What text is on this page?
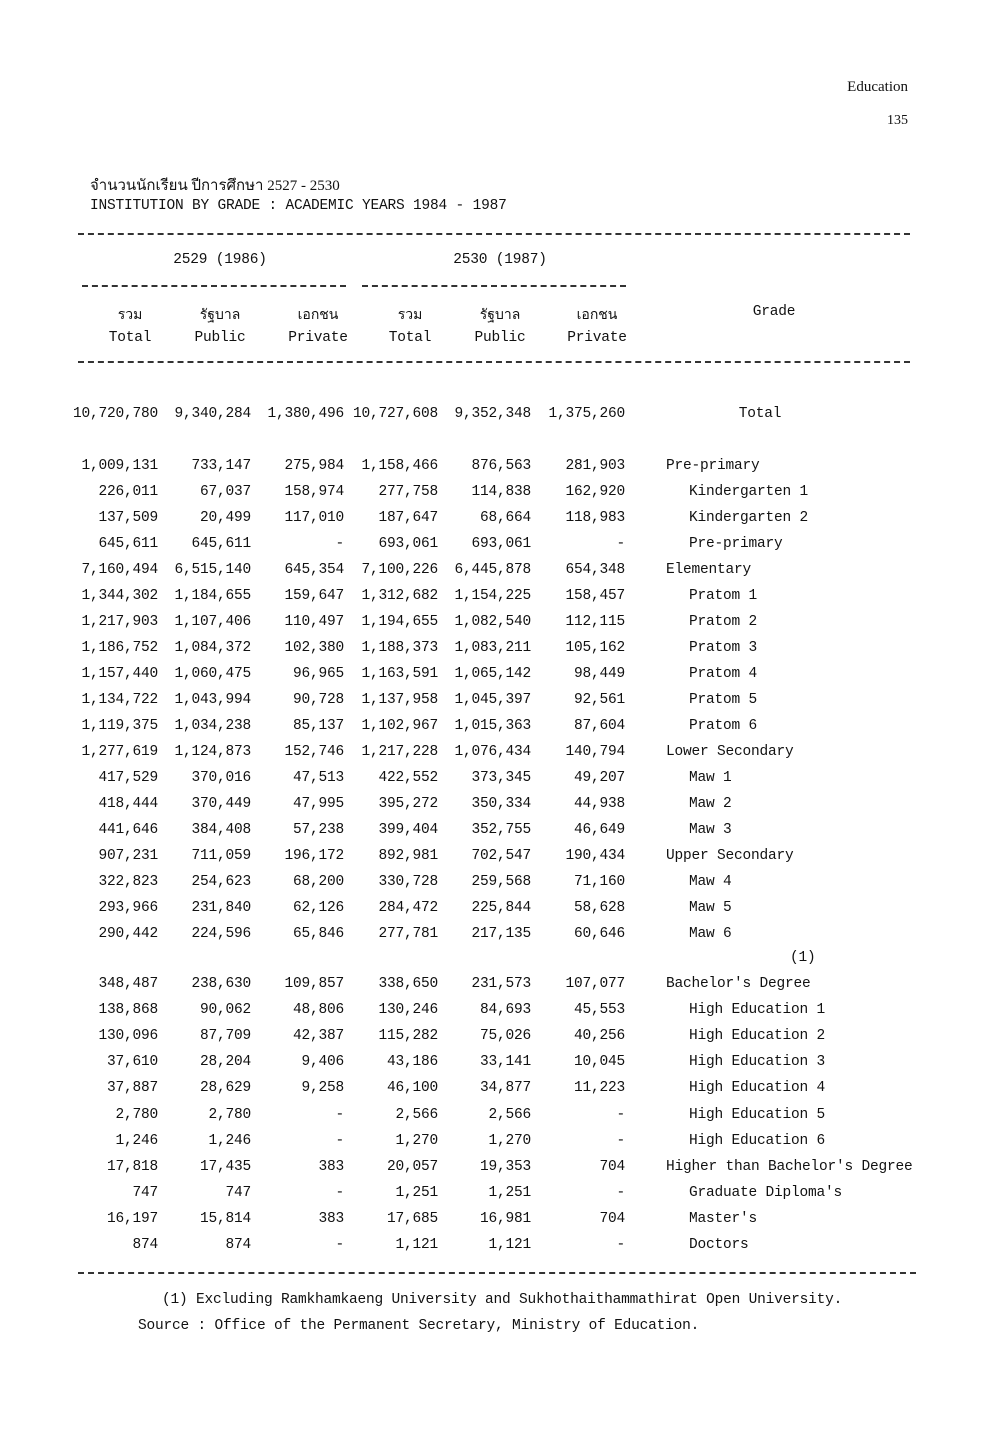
Education
135
จำนวนนักเรียน ปีการศึกษา 2527 - 2530
INSTITUTION BY GRADE : ACADEMIC YEARS 1984 - 1987
2529 (1986)	2530 (1987)
รวม	รัฐบาล	เอกชน	รวม	รัฐบาล	เอกชน	Grade
Total	Public	Private	Total	Public	Private
10,720,780 9,340,284 1,380,496 10,727,608 9,352,348 1,375,260	Total
1,009,131 733,147 275,984 1,158,466 876,563 281,903	Pre-primary
226,011	67,037 158,974 277,758 114,838 162,920	Kindergarten 1
137,509	20,499 117,010 187,647	68,664 118,983	Kindergarten 2
645,611 645,611	- 693,061 693,061	-	Pre-primary
7,160,494 6,515,140 645,354 7,100,226 6,445,878 654,348	Elementary
1,344,302 1,184,655 159,647 1,312,682 1,154,225 158,457	Pratom 1
1,217,903 1,107,406 110,497 1,194,655 1,082,540 112,115	Pratom 2
1,186,752 1,084,372 102,380 1,188,373 1,083,211 105,162	Pratom 3
1,157,440 1,060,475	96,965 1,163,591 1,065,142	98,449	Pratom 4
1,134,722 1,043,994	90,728 1,137,958 1,045,397	92,561	Pratom 5
1,119,375 1,034,238	85,137 1,102,967 1,015,363	87,604	Pratom 6
1,277,619 1,124,873 152,746 1,217,228 1,076,434 140,794	Lower Secondary
417,529 370,016	47,513 422,552 373,345	49,207	Maw 1
418,444 370,449	47,995 395,272 350,334	44,938	Maw 2
441,646 384,408	57,238 399,404 352,755	46,649	Maw 3
907,231 711,059 196,172 892,981 702,547 190,434	Upper Secondary
322,823 254,623	68,200 330,728 259,568	71,160	Maw 4
293,966 231,840	62,126 284,472 225,844	58,628	Maw 5
290,442 224,596	65,846 277,781 217,135	60,646	Maw 6
348,487 238,630 109,857 338,650 231,573 107,077	Bachelor's Degree
138,868	90,062	48,806 130,246	84,693	45,553	High Education 1
130,096	87,709	42,387 115,282	75,026	40,256	High Education 2
37,610	28,204	9,406	43,186	33,141	10,045	High Education 3
37,887	28,629	9,258	46,100	34,877	11,223	High Education 4
2,780	2,780	-	2,566	2,566	-	High Education 5
1,246	1,246	-	1,270	1,270	-	High Education 6
17,818	17,435	383	20,057	19,353	704	Higher than Bachelor's Degree
747	747	-	1,251	1,251	-	Graduate Diploma's
16,197	15,814	383	17,685	16,981	704	Master's
874	874	-	1,121	1,121	-	Doctors
(1)
(1) Excluding Ramkhamkaeng University and Sukhothaithammathirat Open University.
Source : Office of the Permanent Secretary, Ministry of Education.
